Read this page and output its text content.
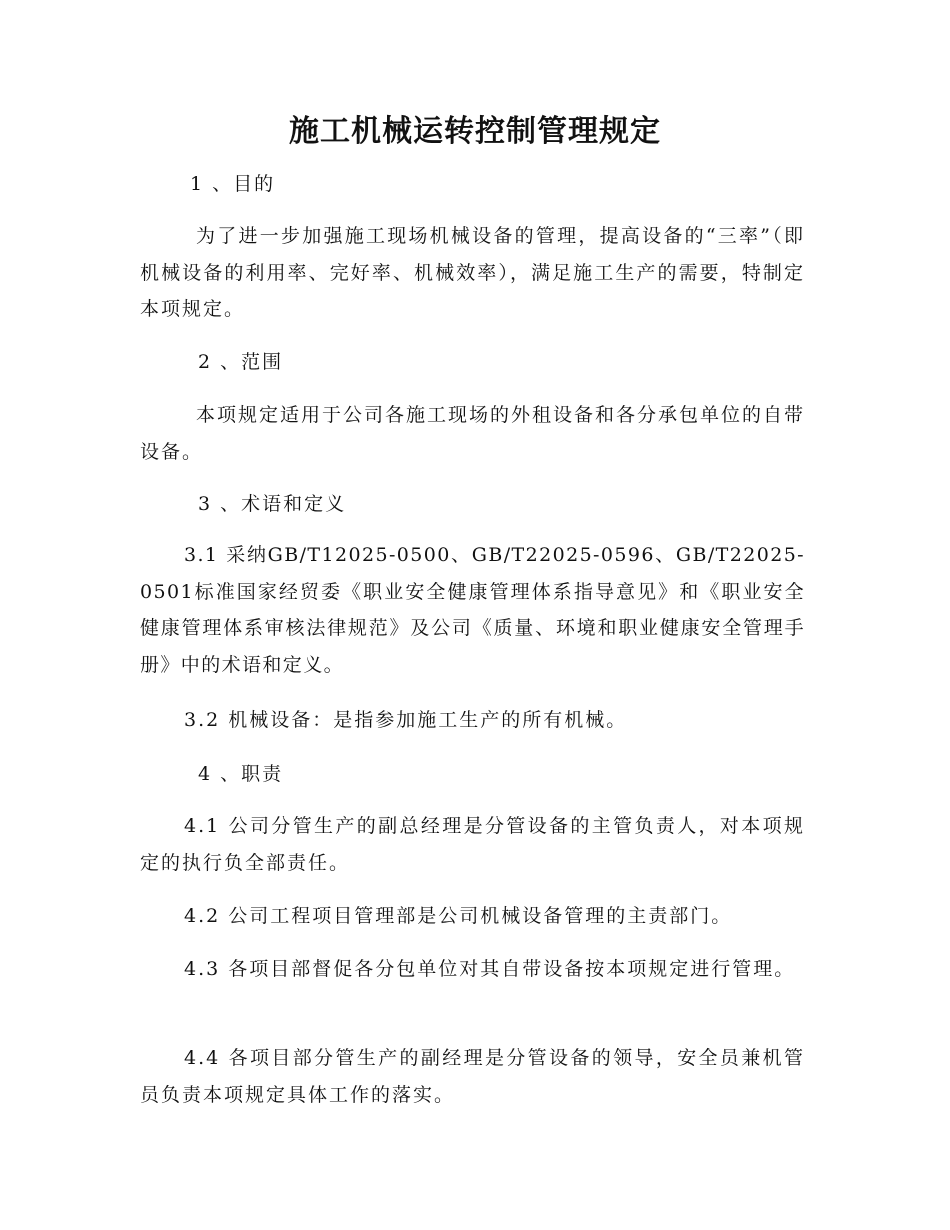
施工机械运转控制管理规定
1 、目的
为了进一步加强施工现场机械设备的管理，提高设备的“三率”（即机械设备的利用率、完好率、机械效率），满足施工生产的需要，特制定本项规定。
2 、范围
本项规定适用于公司各施工现场的外租设备和各分承包单位的自带设备。
3 、术语和定义
3.1 采纳GB/T12025-0500、GB/T22025-0596、GB/T22025-0501标准国家经贸委《职业安全健康管理体系指导意见》和《职业安全健康管理体系审核法律规范》及公司《质量、环境和职业健康安全管理手册》中的术语和定义。
3.2 机械设备：是指参加施工生产的所有机械。
4 、职责
4.1 公司分管生产的副总经理是分管设备的主管负责人，对本项规定的执行负全部责任。
4.2 公司工程项目管理部是公司机械设备管理的主责部门。
4.3 各项目部督促各分包单位对其自带设备按本项规定进行管理。
4.4 各项目部分管生产的副经理是分管设备的领导，安全员兼机管员负责本项规定具体工作的落实。
